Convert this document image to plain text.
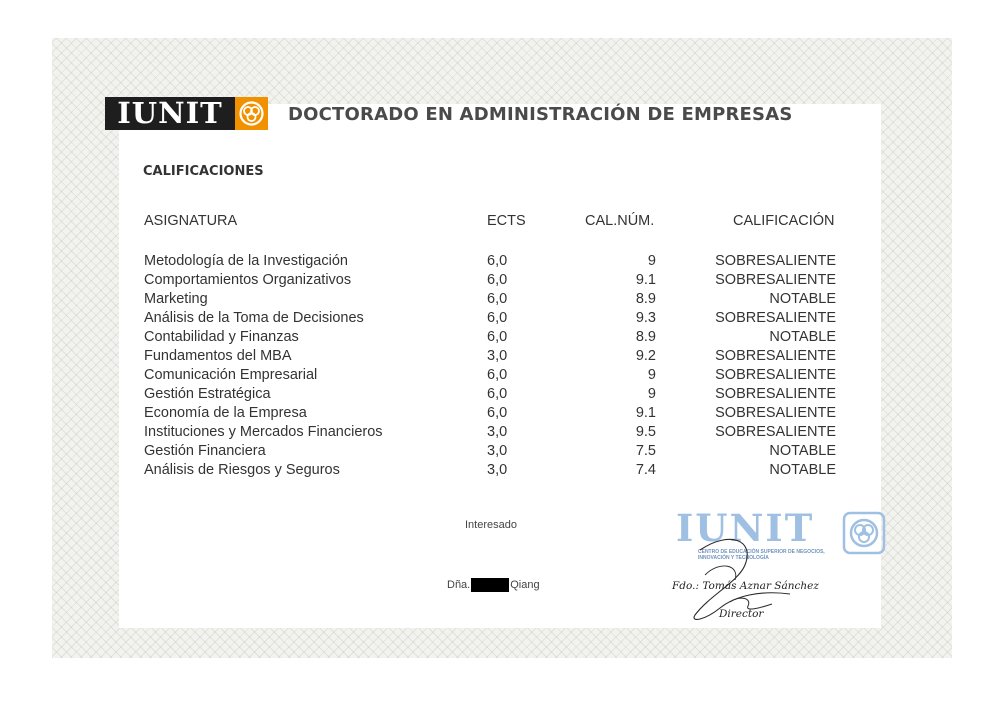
IUNIT	DOCTORADO EN ADMINISTRACIÓN DE EMPRESAS
CALIFICACIONES
ASIGNATURA	ECTS	CAL.NÚM.	CALIFICACIÓN
Metodología de la Investigación	6,0	9	SOBRESALIENTE
Comportamientos Organizativos	6,0	9.1	SOBRESALIENTE
Marketing	6,0	8.9	NOTABLE
Análisis de la Toma de Decisiones	6,0	9.3	SOBRESALIENTE
Contabilidad y Finanzas	6,0	8.9	NOTABLE
Fundamentos del MBA	3,0	9.2	SOBRESALIENTE
Comunicación Empresarial	6,0	9	SOBRESALIENTE
Gestión Estratégica	6,0	9	SOBRESALIENTE
Economía de la Empresa	6,0	9.1	SOBRESALIENTE
Instituciones y Mercados Financieros	3,0	9.5	SOBRESALIENTE
Gestión Financiera	3,0	7.5	NOTABLE
Análisis de Riesgos y Seguros	3,0	7.4	NOTABLE
Interesado
Dña.	Qiang
IUNIT
CENTRO DE EDUCACIÓN SUPERIOR DE NEGOCIOS, INNOVACIÓN Y TECNOLOGÍA
Fdo.: Tomás Aznar Sánchez
Director
